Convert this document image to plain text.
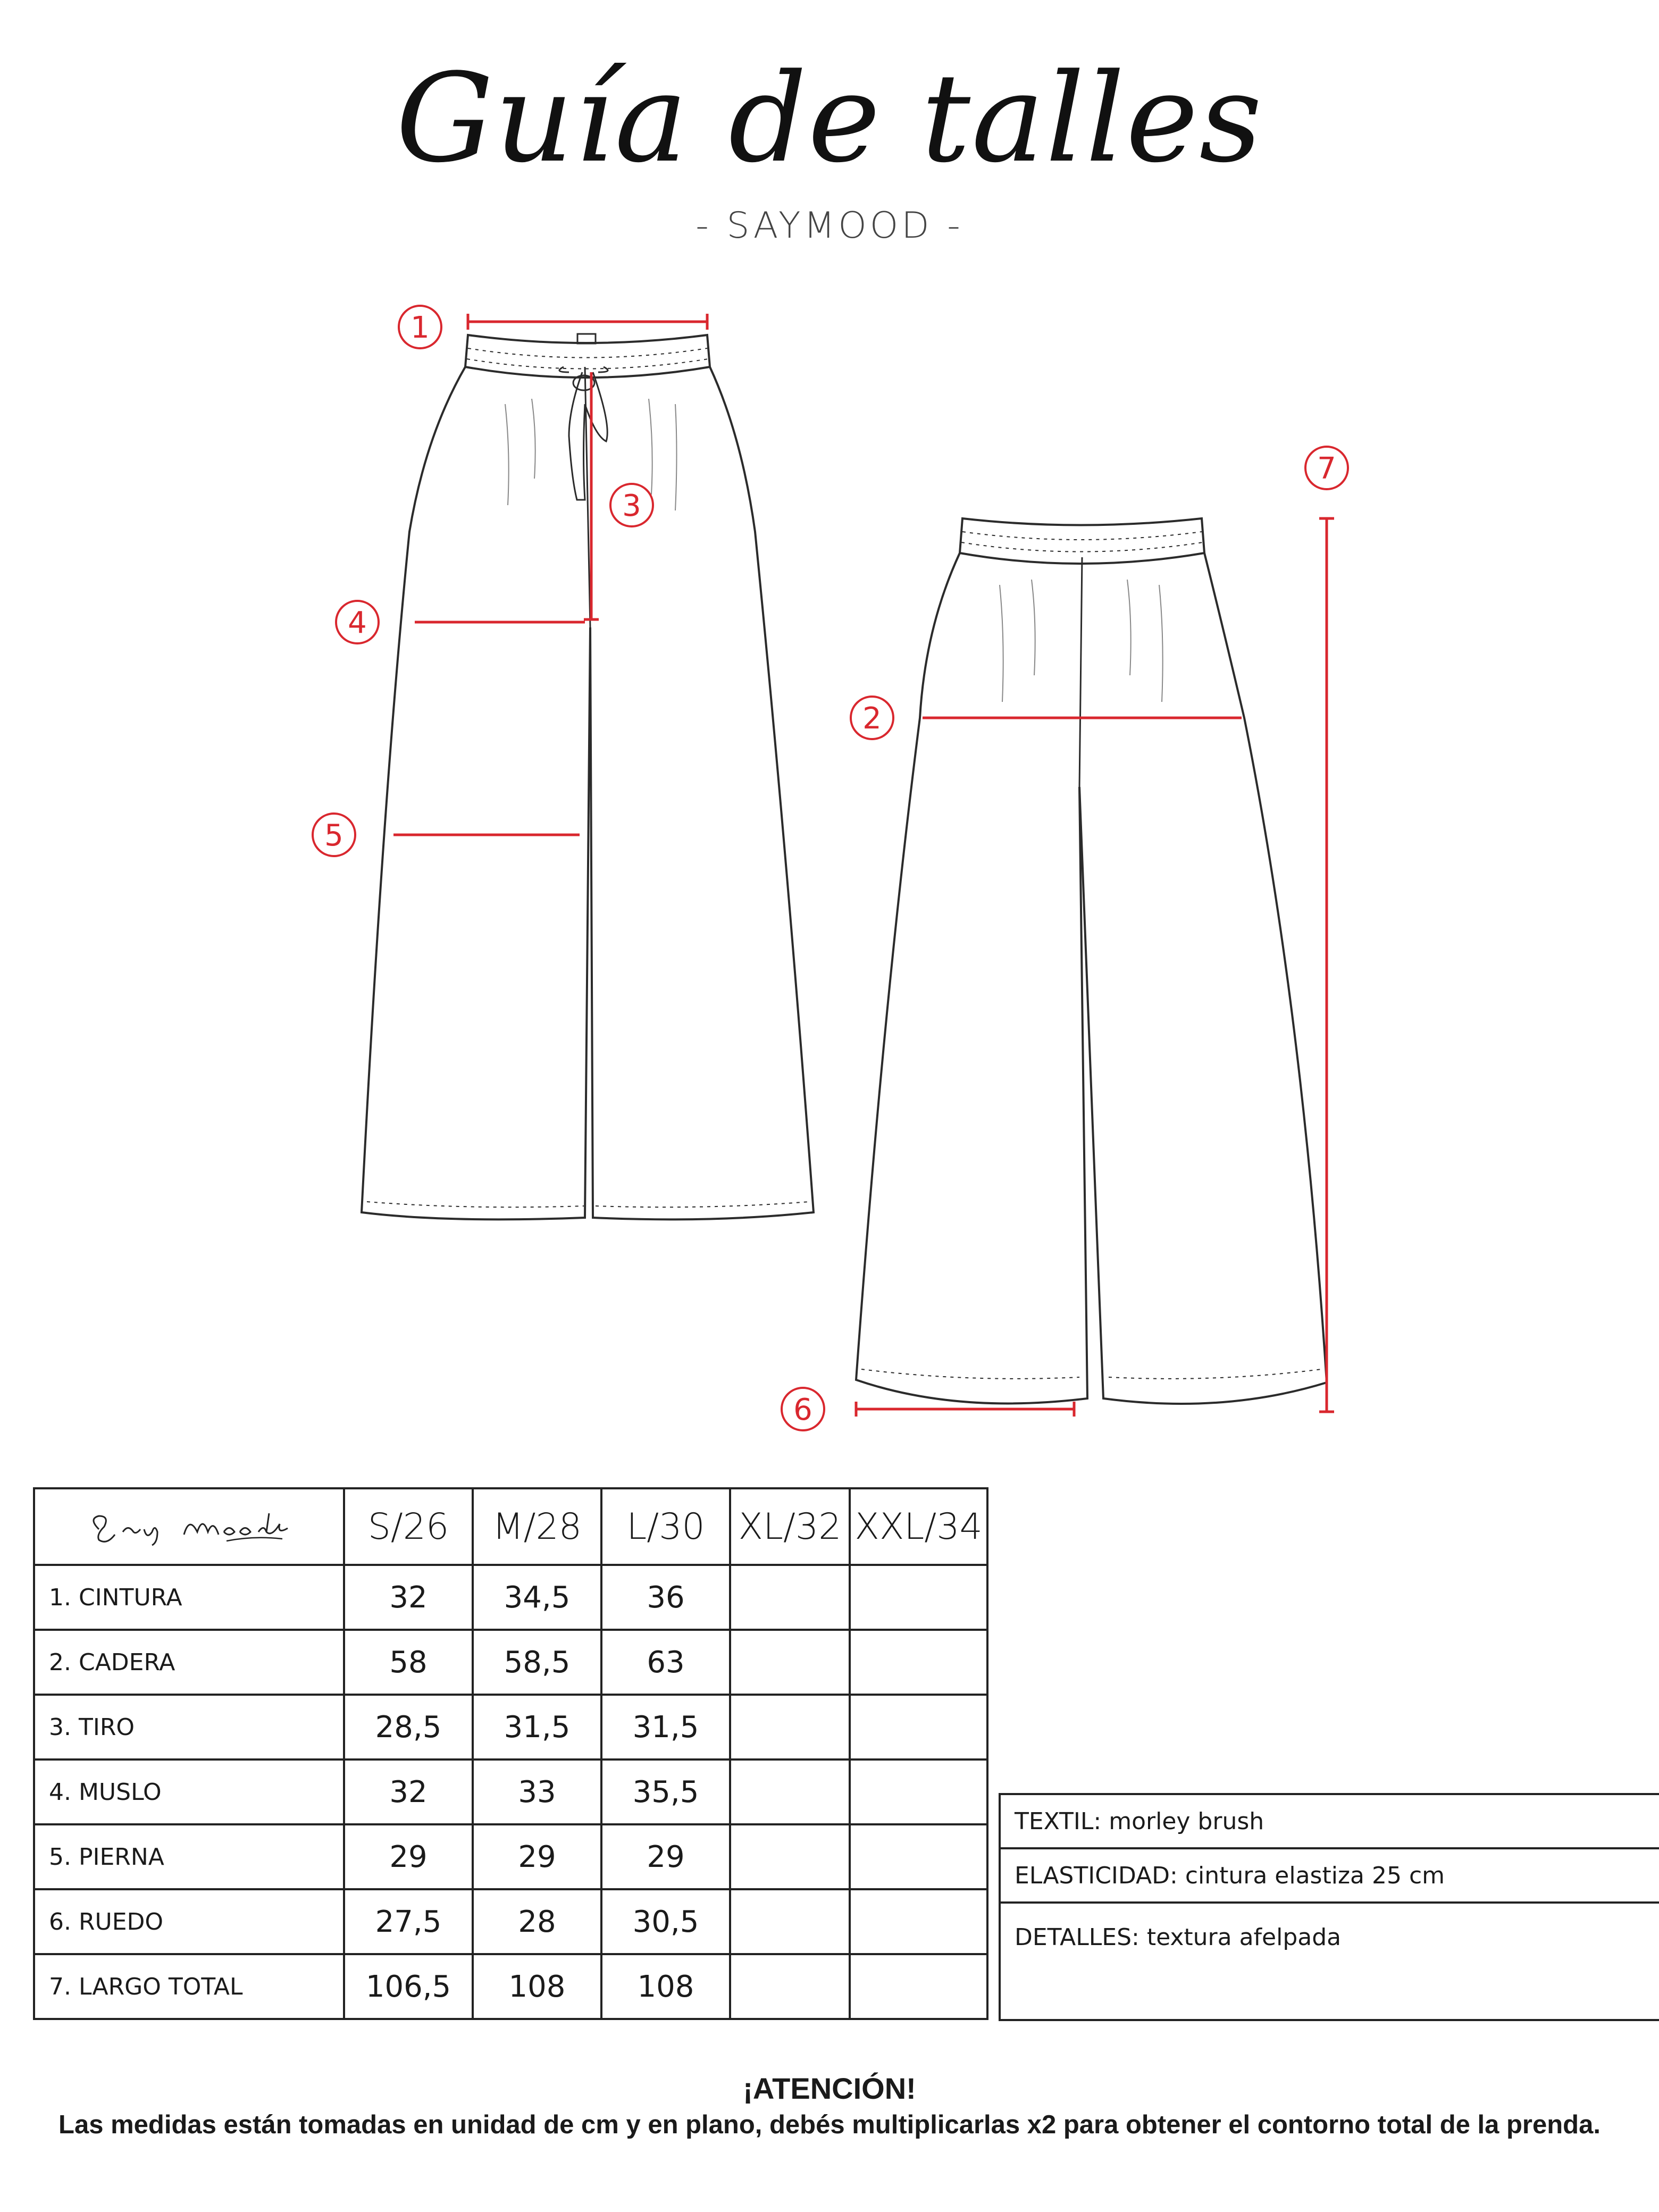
Guía de talles
- SAYMOOD -
1
2
3
4
5
6
7
	S/26	M/28	L/30	XL/32	XXL/34
1. CINTURA	32	34,5	36		
2. CADERA	58	58,5	63		
3. TIRO	28,5	31,5	31,5		
4. MUSLO	32	33	35,5		
5. PIERNA	29	29	29		
6. RUEDO	27,5	28	30,5		
7. LARGO TOTAL	106,5	108	108		
TEXTIL: morley brush
ELASTICIDAD: cintura elastiza 25 cm
DETALLES: textura afelpada
¡ATENCIÓN!
Las medidas están tomadas en unidad de cm y en plano, debés multiplicarlas x2 para obtener el contorno total de la prenda.
